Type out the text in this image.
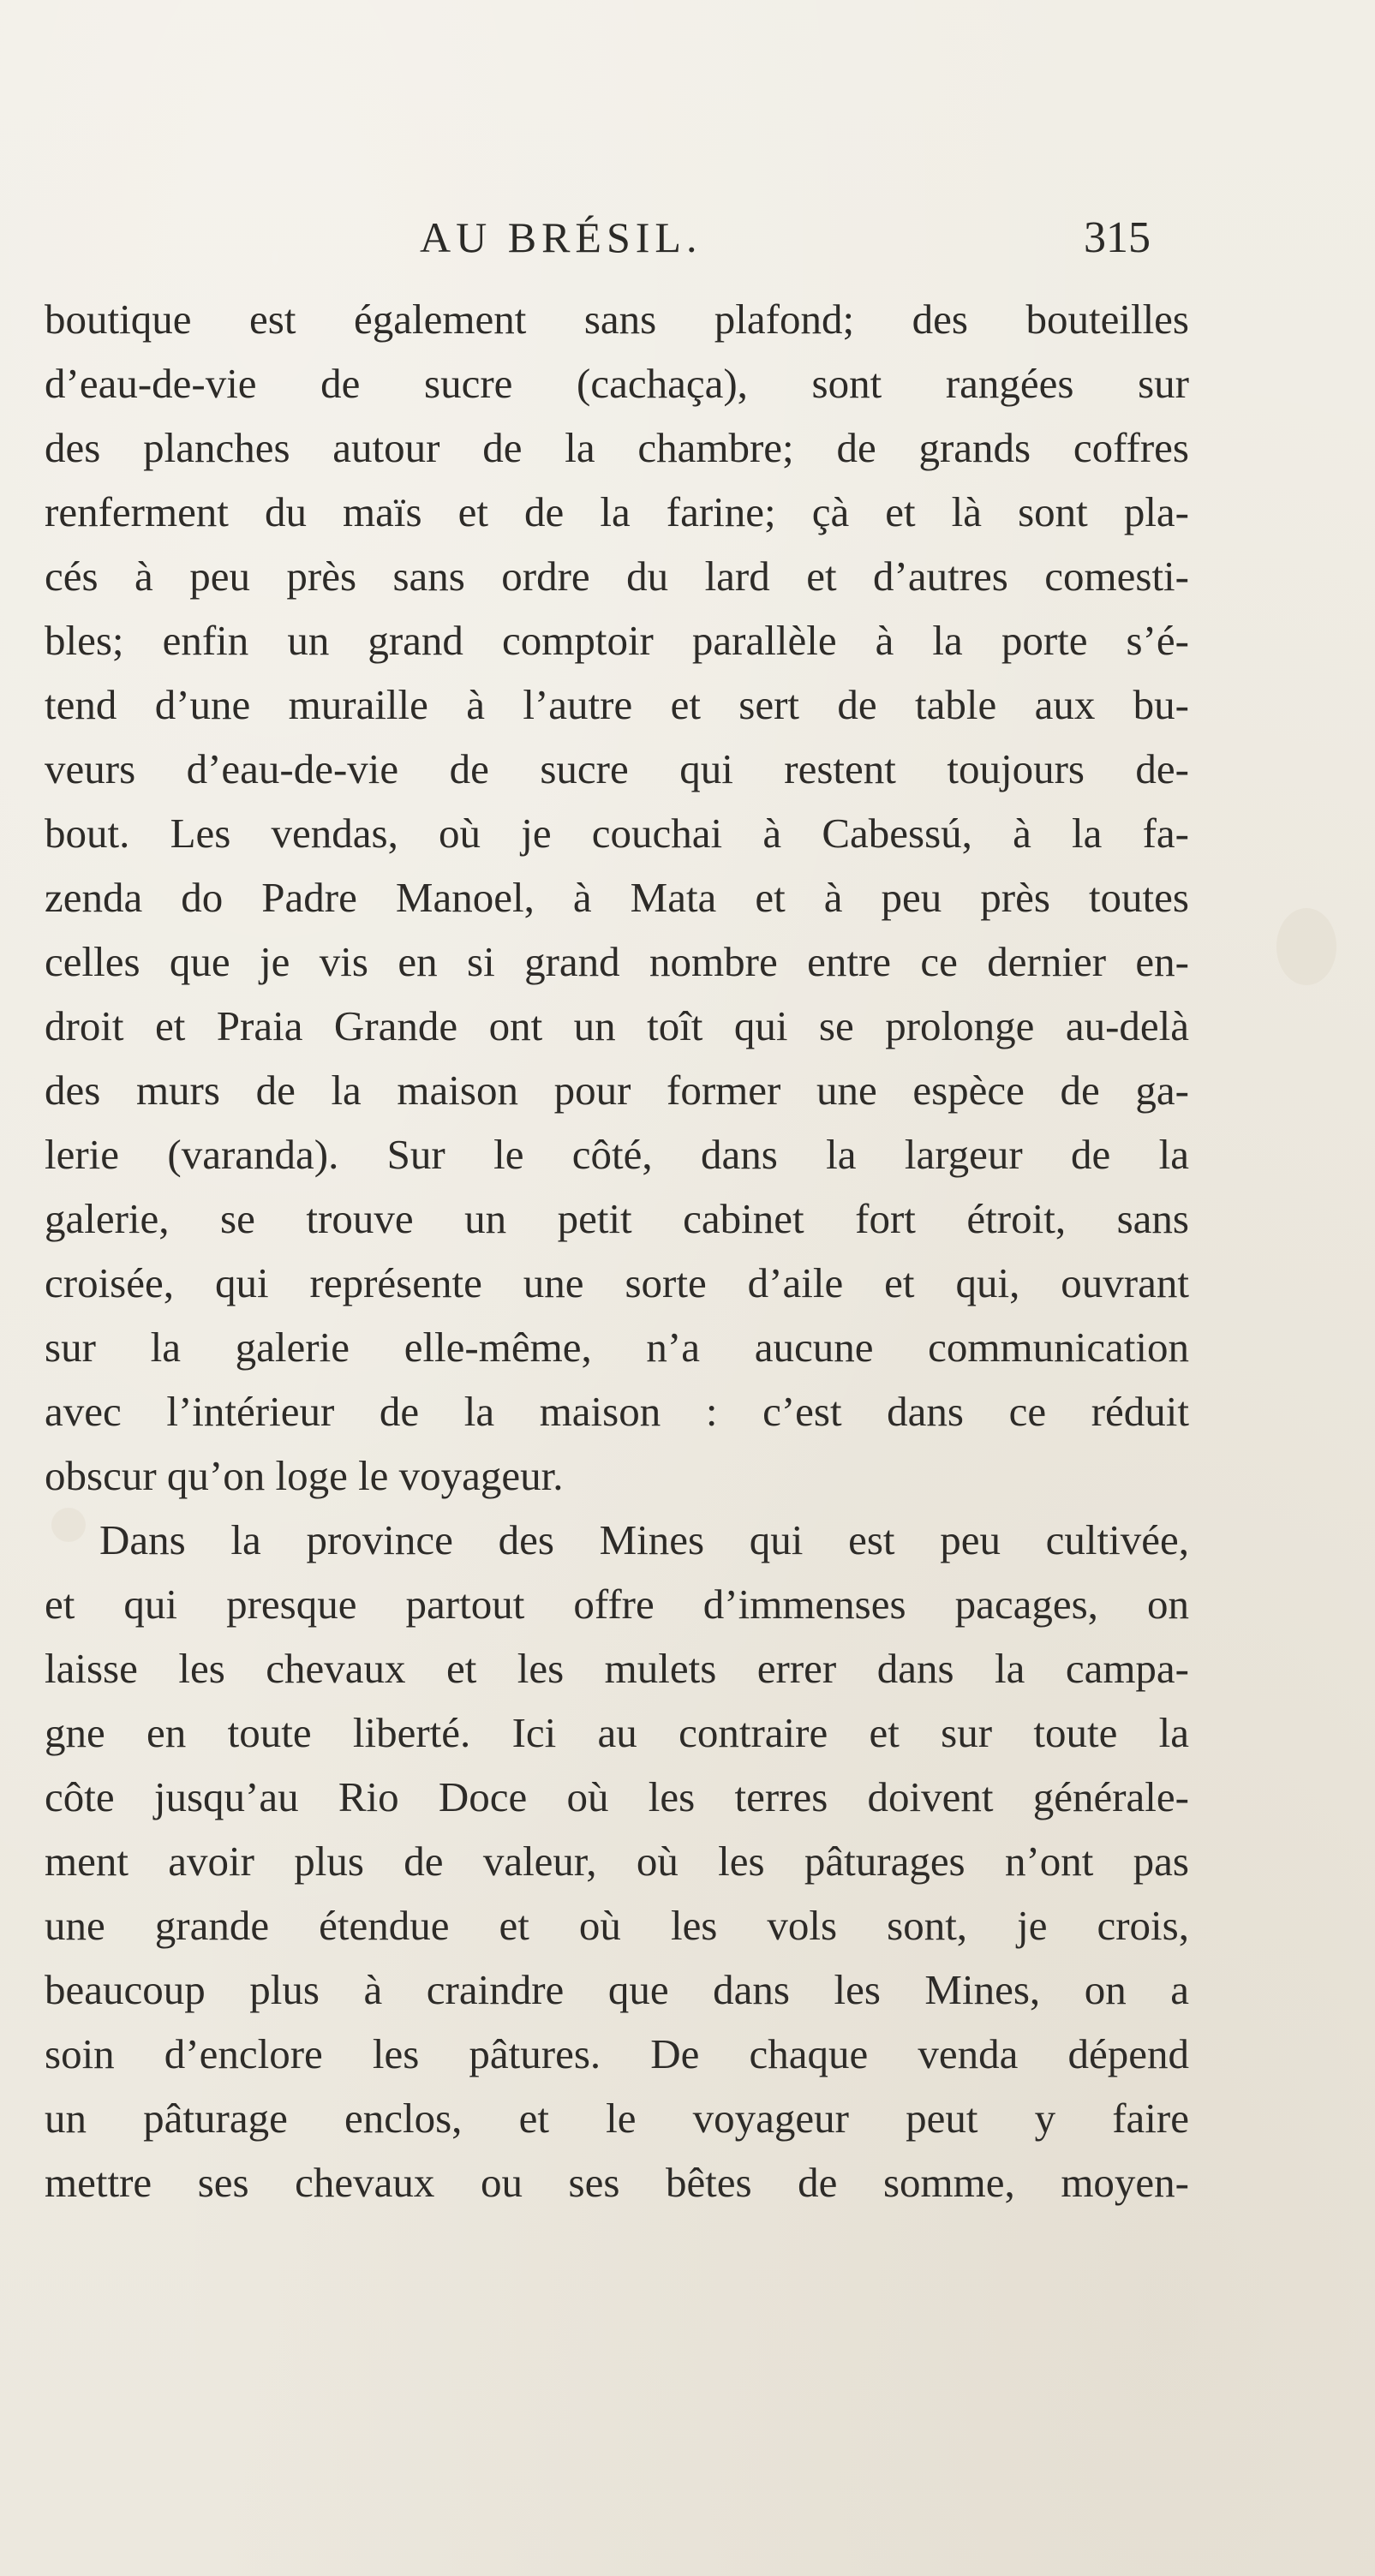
AU BRÉSIL.	315
boutique est également sans plafond; des bouteilles
d’eau-de-vie de sucre (cachaça), sont rangées sur
des planches autour de la chambre; de grands coffres
renferment du maïs et de la farine; çà et là sont pla-
cés à peu près sans ordre du lard et d’autres comesti-
bles; enfin un grand comptoir parallèle à la porte s’é-
tend d’une muraille à l’autre et sert de table aux bu-
veurs d’eau-de-vie de sucre qui restent toujours de-
bout. Les vendas, où je couchai à Cabessú, à la fa-
zenda do Padre Manoel, à Mata et à peu près toutes
celles que je vis en si grand nombre entre ce dernier en-
droit et Praia Grande ont un toît qui se prolonge au-delà
des murs de la maison pour former une espèce de ga-
lerie (varanda). Sur le côté, dans la largeur de la
galerie, se trouve un petit cabinet fort étroit, sans
croisée, qui représente une sorte d’aile et qui, ouvrant
sur la galerie elle-même, n’a aucune communication
avec l’intérieur de la maison : c’est dans ce réduit
obscur qu’on loge le voyageur.
Dans la province des Mines qui est peu cultivée,
et qui presque partout offre d’immenses pacages, on
laisse les chevaux et les mulets errer dans la campa-
gne en toute liberté. Ici au contraire et sur toute la
côte jusqu’au Rio Doce où les terres doivent générale-
ment avoir plus de valeur, où les pâturages n’ont pas
une grande étendue et où les vols sont, je crois,
beaucoup plus à craindre que dans les Mines, on a
soin d’enclore les pâtures. De chaque venda dépend
un pâturage enclos, et le voyageur peut y faire
mettre ses chevaux ou ses bêtes de somme, moyen-
